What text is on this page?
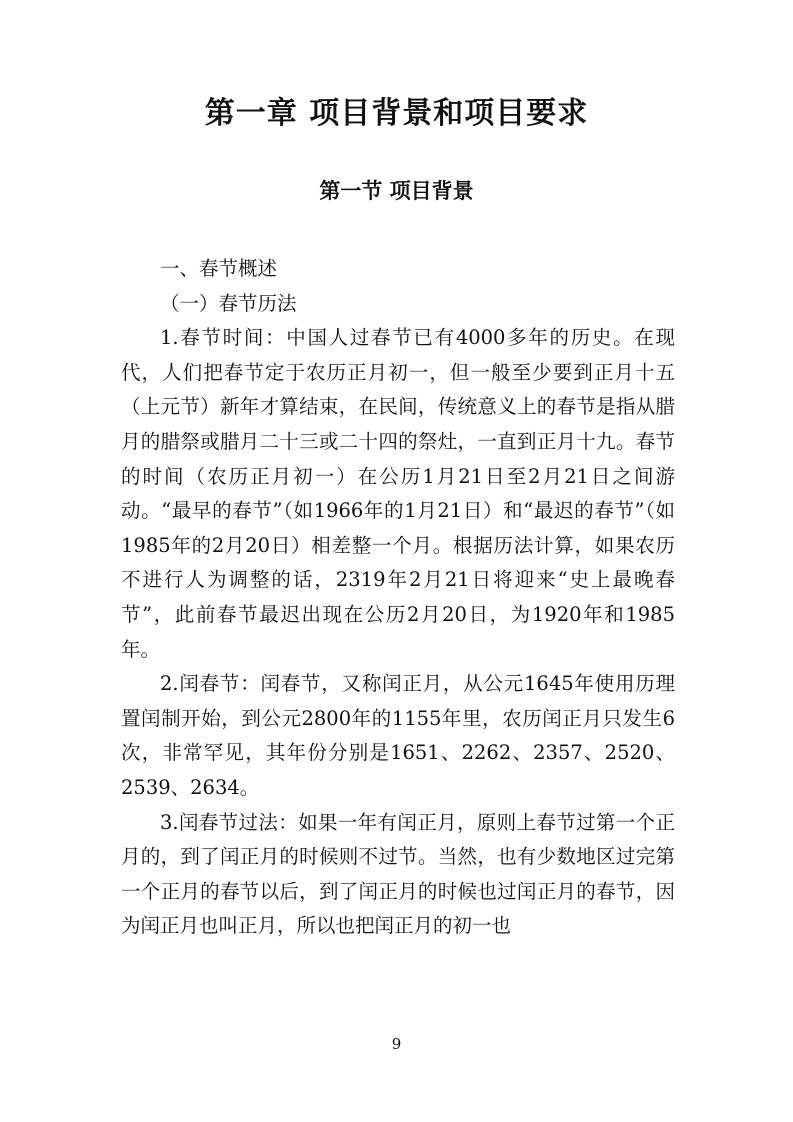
第一章 项目背景和项目要求
第一节 项目背景

一、春节概述

（一）春节历法

1.春节时间：中国人过春节已有4000多年的历史。在现代，人们把春节定于农历正月初一，但一般至少要到正月十五（上元节）新年才算结束，在民间，传统意义上的春节是指从腊月的腊祭或腊月二十三或二十四的祭灶，一直到正月十九。春节的时间（农历正月初一）在公历1月21日至2月21日之间游动。“最早的春节”（如1966年的1月21日）和“最迟的春节”（如1985年的2月20日）相差整一个月。根据历法计算，如果农历不进行人为调整的话，2319年2月21日将迎来“史上最晚春节”，此前春节最迟出现在公历2月20日，为1920年和1985年。

2.闰春节：闰春节，又称闰正月，从公元1645年使用历理置闰制开始，到公元2800年的1155年里，农历闰正月只发生6次，非常罕见，其年份分别是1651、2262、2357、2520、2539、2634。

3.闰春节过法：如果一年有闰正月，原则上春节过第一个正月的，到了闰正月的时候则不过节。当然，也有少数地区过完第一个正月的春节以后，到了闰正月的时候也过闰正月的春节，因为闰正月也叫正月，所以也把闰正月的初一也

9
